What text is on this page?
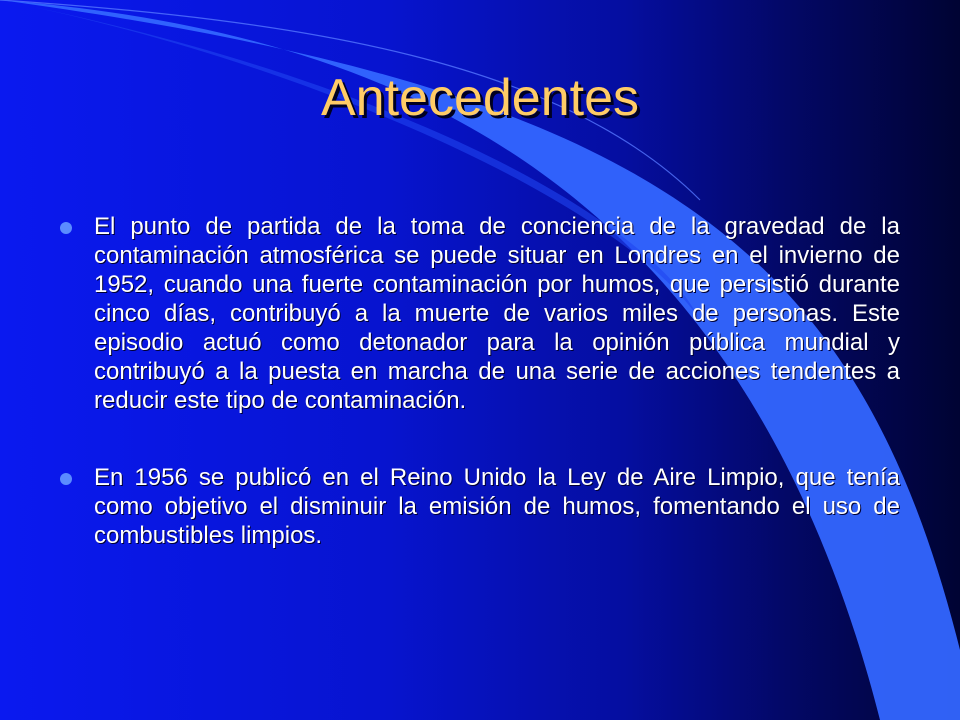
Antecedentes
El punto de partida de la toma de conciencia de la gravedad de la contaminación atmosférica se puede situar en Londres en el invierno de 1952, cuando una fuerte contaminación por humos, que persistió durante cinco días, contribuyó a la muerte de varios miles de personas. Este episodio actuó como detonador para la opinión pública mundial y contribuyó a la puesta en marcha de una serie de acciones tendentes a reducir este tipo de contaminación.
En 1956 se publicó en el Reino Unido la Ley de Aire Limpio, que tenía como objetivo el disminuir la emisión de humos, fomentando el uso de combustibles limpios.
